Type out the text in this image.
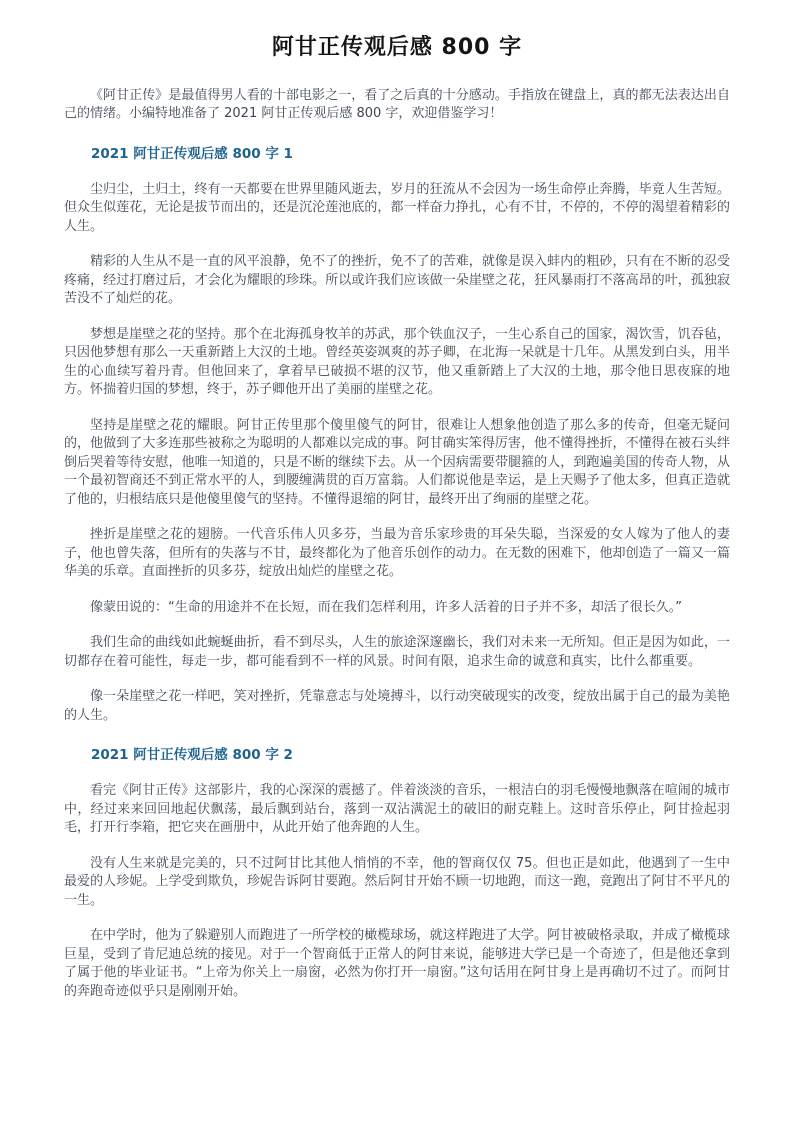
阿甘正传观后感 800 字

《阿甘正传》是最值得男人看的十部电影之一，看了之后真的十分感动。手指放在键盘上，真的都无法表达出自己的情绪。小编特地准备了 2021 阿甘正传观后感 800 字，欢迎借鉴学习！

2021 阿甘正传观后感 800 字 1

尘归尘，土归土，终有一天都要在世界里随风逝去，岁月的狂流从不会因为一场生命停止奔腾，毕竟人生苦短。但众生似莲花，无论是拔节而出的，还是沉沦莲池底的，都一样奋力挣扎，心有不甘，不停的，不停的渴望着精彩的人生。

精彩的人生从不是一直的风平浪静，免不了的挫折，免不了的苦难，就像是误入蚌内的粗砂，只有在不断的忍受疼痛，经过打磨过后，才会化为耀眼的珍珠。所以或许我们应该做一朵崖壁之花，狂风暴雨打不落高昂的叶，孤独寂苦没不了灿烂的花。

梦想是崖壁之花的坚持。那个在北海孤身牧羊的苏武，那个铁血汉子，一生心系自己的国家，渴饮雪，饥吞毡，只因他梦想有那么一天重新踏上大汉的土地。曾经英姿飒爽的苏子卿，在北海一呆就是十几年。从黑发到白头，用半生的心血续写着丹青。但他回来了，拿着早已破损不堪的汉节，他又重新踏上了大汉的土地，那令他日思夜寐的地方。怀揣着归国的梦想，终于，苏子卿他开出了美丽的崖壁之花。

坚持是崖壁之花的耀眼。阿甘正传里那个傻里傻气的阿甘，很难让人想象他创造了那么多的传奇，但毫无疑问的，他做到了大多连那些被称之为聪明的人都难以完成的事。阿甘确实笨得厉害，他不懂得挫折，不懂得在被石头绊倒后哭着等待安慰，他唯一知道的，只是不断的继续下去。从一个因病需要带腿箍的人，到跑遍美国的传奇人物，从一个最初智商还不到正常水平的人，到腰缠满贯的百万富翁。人们都说他是幸运，是上天赐予了他太多，但真正造就了他的，归根结底只是他傻里傻气的坚持。不懂得退缩的阿甘，最终开出了绚丽的崖壁之花。

挫折是崖壁之花的翅膀。一代音乐伟人贝多芬，当最为音乐家珍贵的耳朵失聪，当深爱的女人嫁为了他人的妻子，他也曾失落，但所有的失落与不甘，最终都化为了他音乐创作的动力。在无数的困难下，他却创造了一篇又一篇华美的乐章。直面挫折的贝多芬，绽放出灿烂的崖壁之花。

像蒙田说的：“生命的用途并不在长短，而在我们怎样利用，许多人活着的日子并不多，却活了很长久。”

我们生命的曲线如此蜿蜒曲折，看不到尽头，人生的旅途深邃幽长，我们对未来一无所知。但正是因为如此，一切都存在着可能性，每走一步，都可能看到不一样的风景。时间有限，追求生命的诚意和真实，比什么都重要。

像一朵崖壁之花一样吧，笑对挫折，凭靠意志与处境搏斗，以行动突破现实的改变，绽放出属于自己的最为美艳的人生。

2021 阿甘正传观后感 800 字 2

看完《阿甘正传》这部影片，我的心深深的震撼了。伴着淡淡的音乐，一根洁白的羽毛慢慢地飘落在喧闹的城市中，经过来来回回地起伏飘荡，最后飘到站台，落到一双沾满泥土的破旧的耐克鞋上。这时音乐停止，阿甘捡起羽毛，打开行李箱，把它夹在画册中，从此开始了他奔跑的人生。

没有人生来就是完美的，只不过阿甘比其他人悄悄的不幸，他的智商仅仅 75。但也正是如此，他遇到了一生中最爱的人珍妮。上学受到欺负，珍妮告诉阿甘要跑。然后阿甘开始不顾一切地跑，而这一跑，竟跑出了阿甘不平凡的一生。

在中学时，他为了躲避别人而跑进了一所学校的橄榄球场，就这样跑进了大学。阿甘被破格录取，并成了橄榄球巨星，受到了肯尼迪总统的接见。对于一个智商低于正常人的阿甘来说，能够进大学已是一个奇迹了，但是他还拿到了属于他的毕业证书。“上帝为你关上一扇窗，必然为你打开一扇窗。”这句话用在阿甘身上是再确切不过了。而阿甘的奔跑奇迹似乎只是刚刚开始。
